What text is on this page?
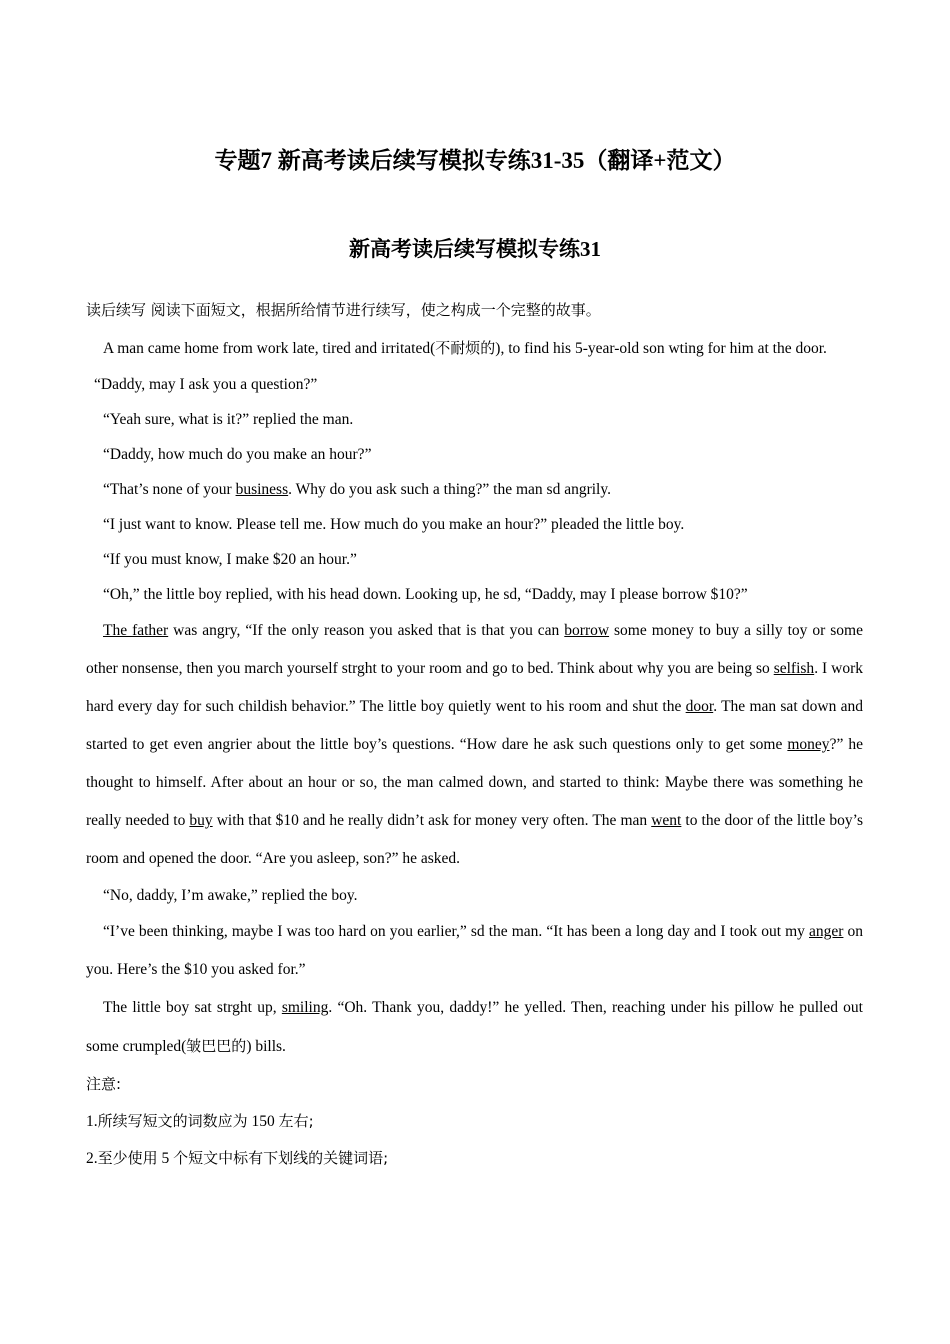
专题7 新高考读后续写模拟专练31-35（翻译+范文）
新高考读后续写模拟专练31
读后续写 阅读下面短文，根据所给情节进行续写，使之构成一个完整的故事。
A man came home from work late, tired and irritated(不耐烦的), to find his 5-year-old son wting for him at the door.
“Daddy, may I ask you a question?”
“Yeah sure, what is it?” replied the man.
“Daddy, how much do you make an hour?”
“That’s none of your business. Why do you ask such a thing?” the man sd angrily.
“I just want to know. Please tell me. How much do you make an hour?” pleaded the little boy.
“If you must know, I make $20 an hour.”
“Oh,” the little boy replied, with his head down. Looking up, he sd, “Daddy, may I please borrow $10?”
The father was angry, “If the only reason you asked that is that you can borrow some money to buy a silly toy or some other nonsense, then you march yourself strght to your room and go to bed. Think about why you are being so selfish. I work hard every day for such childish behavior.” The little boy quietly went to his room and shut the door. The man sat down and started to get even angrier about the little boy’s questions. “How dare he ask such questions only to get some money?” he thought to himself. After about an hour or so, the man calmed down, and started to think: Maybe there was something he really needed to buy with that $10 and he really didn’t ask for money very often. The man went to the door of the little boy’s room and opened the door. “Are you asleep, son?” he asked.
“No, daddy, I’m awake,” replied the boy.
“I’ve been thinking, maybe I was too hard on you earlier,” sd the man. “It has been a long day and I took out my anger on you. Here’s the $10 you asked for.”
The little boy sat strght up, smiling. “Oh. Thank you, daddy!” he yelled. Then, reaching under his pillow he pulled out some crumpled(皱巴巴的) bills.
注意:
1.所续写短文的词数应为 150 左右;
2.至少使用 5 个短文中标有下划线的关键词语;
